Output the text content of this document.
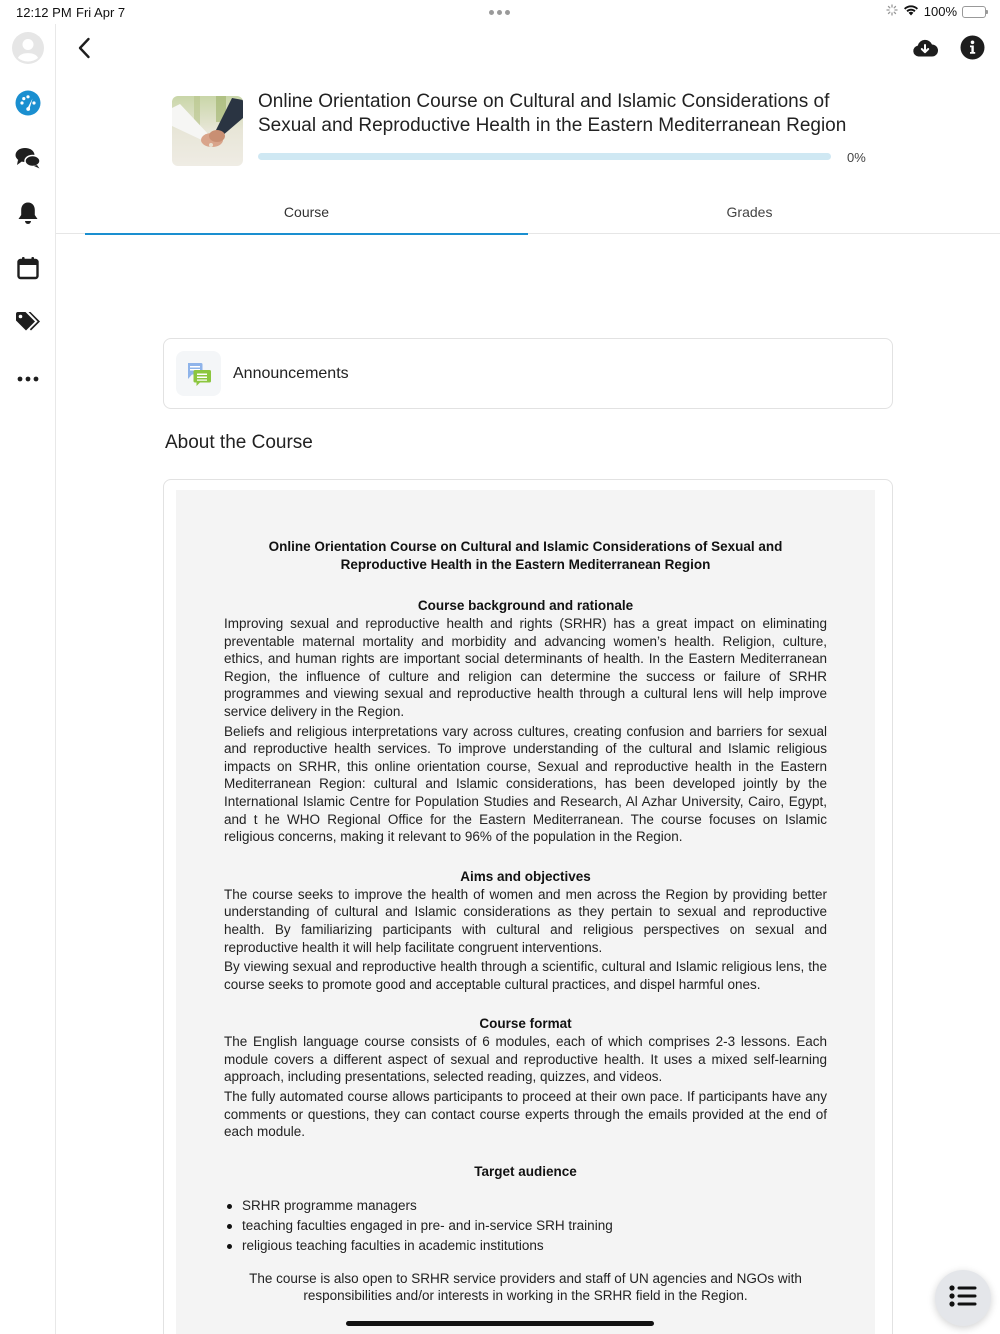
12:12 PM Fri Apr 7	100%
Online Orientation Course on Cultural and Islamic Considerations of Sexual and Reproductive Health in the Eastern Mediterranean Region
0%
Course	Grades
Announcements
About the Course
Online Orientation Course on Cultural and Islamic Considerations of Sexual and Reproductive Health in the Eastern Mediterranean Region
Course background and rationale

Improving sexual and reproductive health and rights (SRHR) has a great impact on eliminating preventable maternal mortality and morbidity and advancing women’s health. Religion, culture, ethics, and human rights are important social determinants of health. In the Eastern Mediterranean Region, the influence of culture and religion can determine the success or failure of SRHR programmes and viewing sexual and reproductive health through a cultural lens will help improve service delivery in the Region.

Beliefs and religious interpretations vary across cultures, creating confusion and barriers for sexual and reproductive health services. To improve understanding of the cultural and Islamic religious impacts on SRHR, this online orientation course, Sexual and reproductive health in the Eastern Mediterranean Region: cultural and Islamic considerations, has been developed jointly by the International Islamic Centre for Population Studies and Research, Al Azhar University, Cairo, Egypt, and t he WHO Regional Office for the Eastern Mediterranean. The course focuses on Islamic religious concerns, making it relevant to 96% of the population in the Region.

Aims and objectives

The course seeks to improve the health of women and men across the Region by providing better understanding of cultural and Islamic considerations as they pertain to sexual and reproductive health. By familiarizing participants with cultural and religious perspectives on sexual and reproductive health it will help facilitate congruent interventions.

By viewing sexual and reproductive health through a scientific, cultural and Islamic religious lens, the course seeks to promote good and acceptable cultural practices, and dispel harmful ones.

Course format

The English language course consists of 6 modules, each of which comprises 2-3 lessons. Each module covers a different aspect of sexual and reproductive health. It uses a mixed self-learning approach, including presentations, selected reading, quizzes, and videos.

The fully automated course allows participants to proceed at their own pace. If participants have any comments or questions, they can contact course experts through the emails provided at the end of each module.

Target audience
SRHR programme managers
teaching faculties engaged in pre- and in-service SRH training
religious teaching faculties in academic institutions

The course is also open to SRHR service providers and staff of UN agencies and NGOs with responsibilities and/or interests in working in the SRHR field in the Region.
